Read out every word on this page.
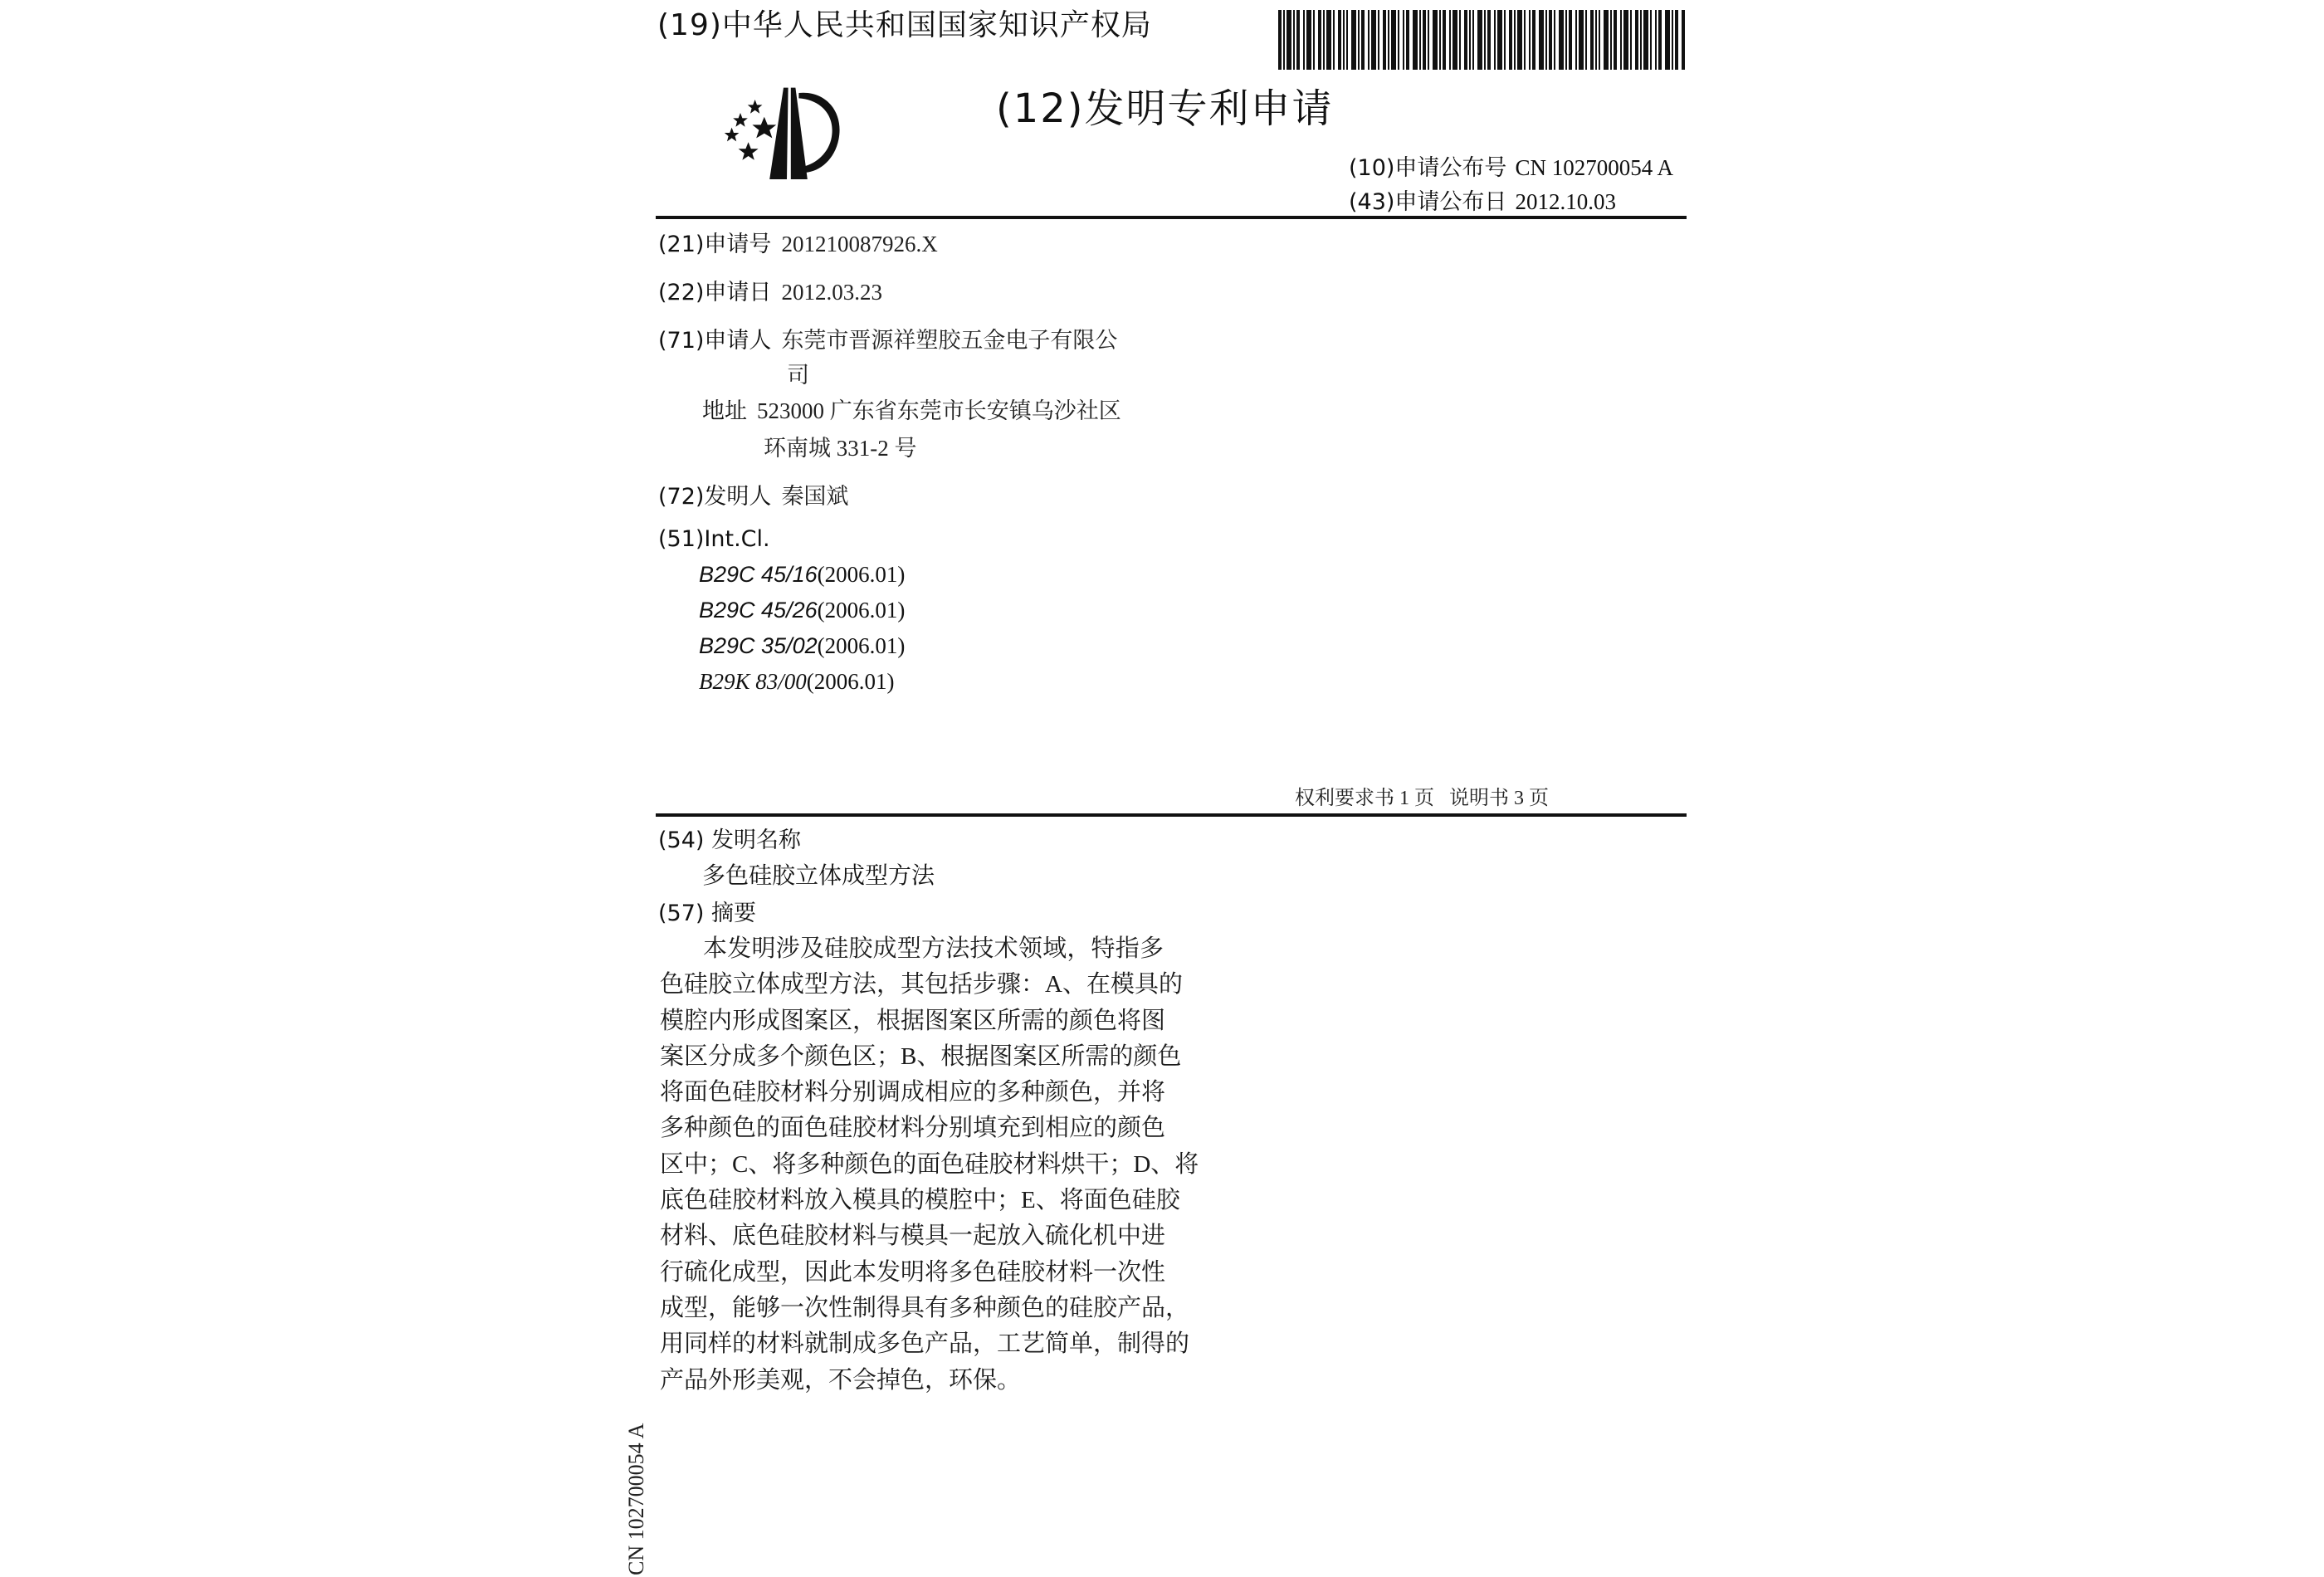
(19)中华人民共和国国家知识产权局
(12)发明专利申请
(10)申请公布号 CN 102700054 A
(43)申请公布日 2012.10.03
(21)申请号 201210087926.X
(22)申请日 2012.03.23
(71)申请人 东莞市晋源祥塑胶五金电子有限公
司
地址 523000 广东省东莞市长安镇乌沙社区
环南城 331-2 号
(72)发明人 秦国斌
(51)Int.Cl.
B29C 45/16(2006.01)
B29C 45/26(2006.01)
B29C 35/02(2006.01)
B29K 83/00(2006.01)
权利要求书 1 页   说明书 3 页
(54) 发明名称
多色硅胶立体成型方法
(57) 摘要
本发明涉及硅胶成型方法技术领域，特指多
色硅胶立体成型方法，其包括步骤：A、在模具的
模腔内形成图案区，根据图案区所需的颜色将图
案区分成多个颜色区；B、根据图案区所需的颜色
将面色硅胶材料分别调成相应的多种颜色，并将
多种颜色的面色硅胶材料分别填充到相应的颜色
区中；C、将多种颜色的面色硅胶材料烘干；D、将
底色硅胶材料放入模具的模腔中；E、将面色硅胶
材料、底色硅胶材料与模具一起放入硫化机中进
行硫化成型，因此本发明将多色硅胶材料一次性
成型，能够一次性制得具有多种颜色的硅胶产品，
用同样的材料就制成多色产品，工艺简单，制得的
产品外形美观，不会掉色，环保。
CN 102700054 A
